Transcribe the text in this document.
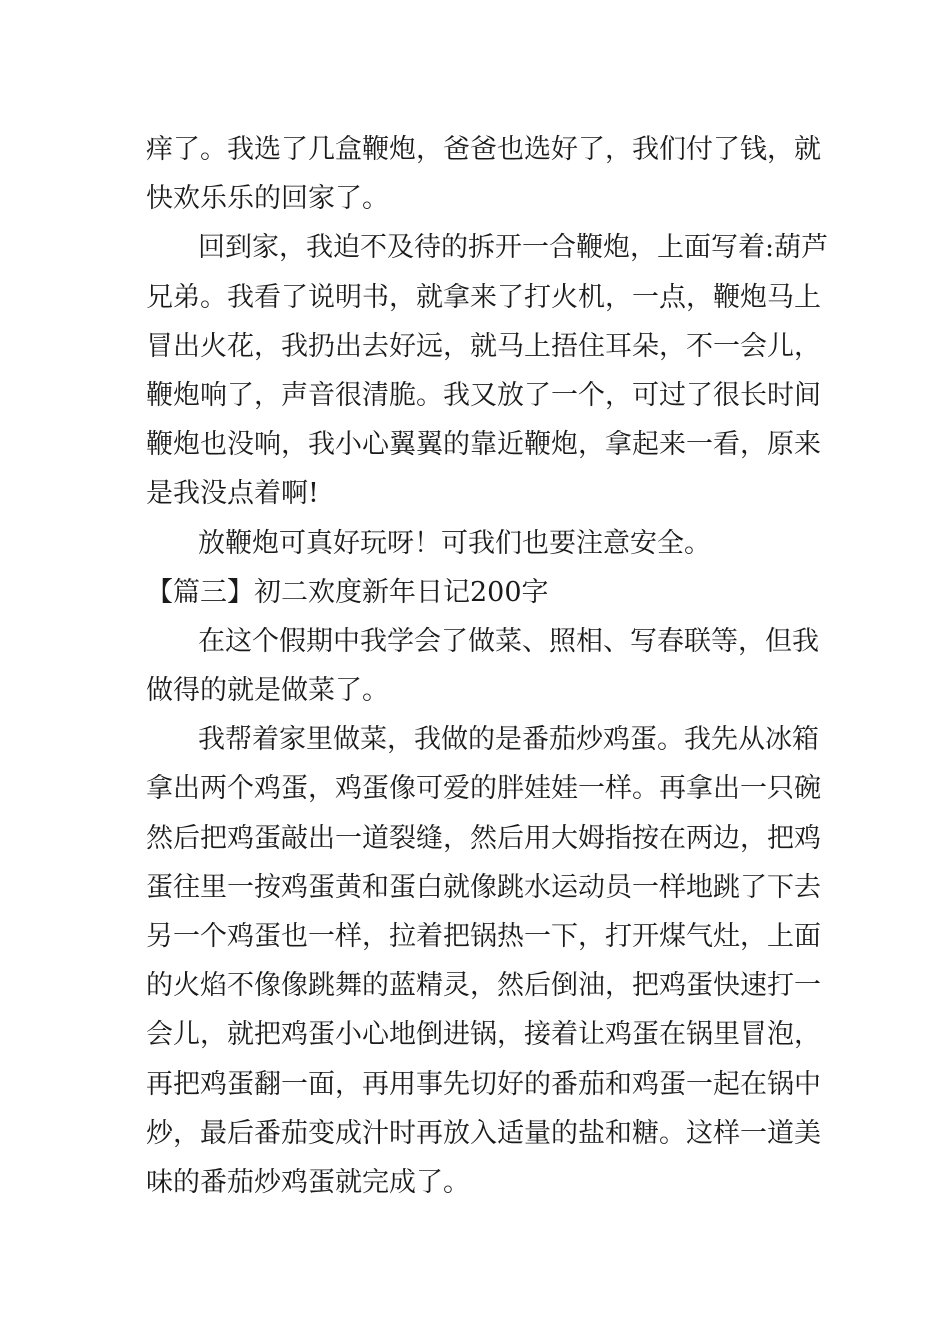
痒了。我选了几盒鞭炮，爸爸也选好了，我们付了钱，就
快欢乐乐的回家了。
回到家，我迫不及待的拆开一合鞭炮，上面写着:葫芦
兄弟。我看了说明书，就拿来了打火机，一点，鞭炮马上
冒出火花，我扔出去好远，就马上捂住耳朵，不一会儿，
鞭炮响了，声音很清脆。我又放了一个，可过了很长时间
鞭炮也没响，我小心翼翼的靠近鞭炮，拿起来一看，原来
是我没点着啊!
放鞭炮可真好玩呀！可我们也要注意安全。
【篇三】初二欢度新年日记200字
在这个假期中我学会了做菜、照相、写春联等，但我
做得的就是做菜了。
我帮着家里做菜，我做的是番茄炒鸡蛋。我先从冰箱
拿出两个鸡蛋，鸡蛋像可爱的胖娃娃一样。再拿出一只碗
然后把鸡蛋敲出一道裂缝，然后用大姆指按在两边，把鸡
蛋往里一按鸡蛋黄和蛋白就像跳水运动员一样地跳了下去
另一个鸡蛋也一样，拉着把锅热一下，打开煤气灶，上面
的火焰不像像跳舞的蓝精灵，然后倒油，把鸡蛋快速打一
会儿，就把鸡蛋小心地倒进锅，接着让鸡蛋在锅里冒泡，
再把鸡蛋翻一面，再用事先切好的番茄和鸡蛋一起在锅中
炒，最后番茄变成汁时再放入适量的盐和糖。这样一道美
味的番茄炒鸡蛋就完成了。
